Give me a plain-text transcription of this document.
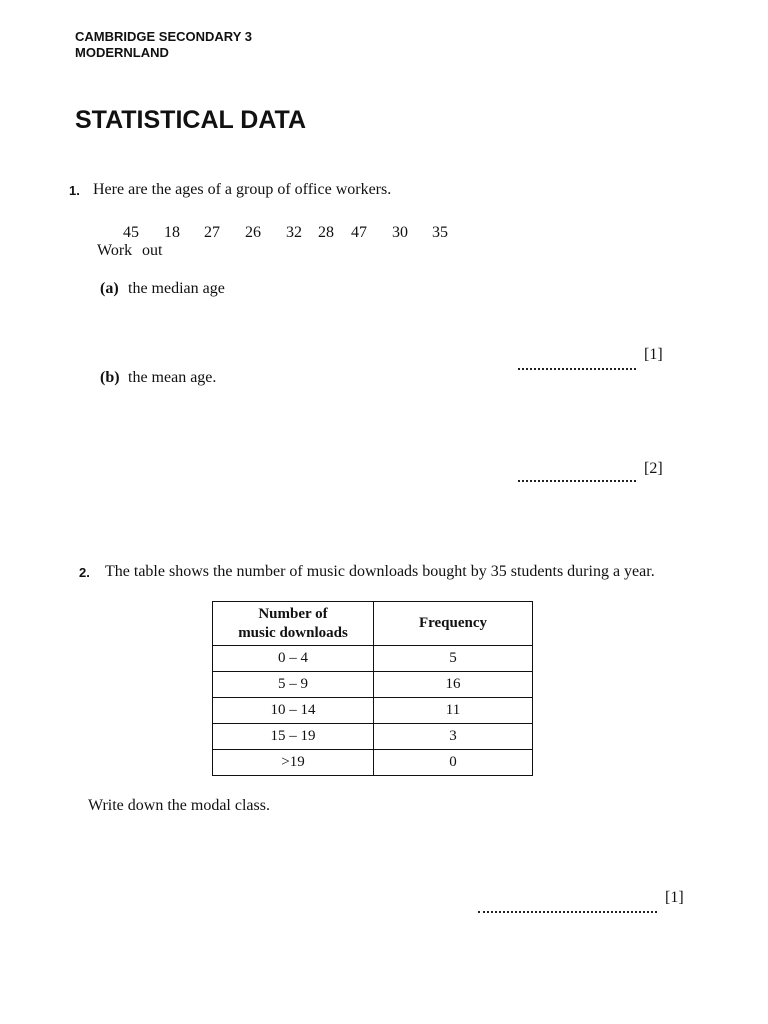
CAMBRIDGE SECONDARY 3
MODERNLAND
STATISTICAL DATA
1. Here are the ages of a group of office workers.
45 18 27 26 32 28 47 30 35
Work out
(a) the median age
[1]
(b) the mean age.
[2]
2. The table shows the number of music downloads bought by 35 students during a year.
Number of
music downloads	Frequency
0 – 4	5
5 – 9	16
10 – 14	11
15 – 19	3
>19	0
Write down the modal class.
[1]
